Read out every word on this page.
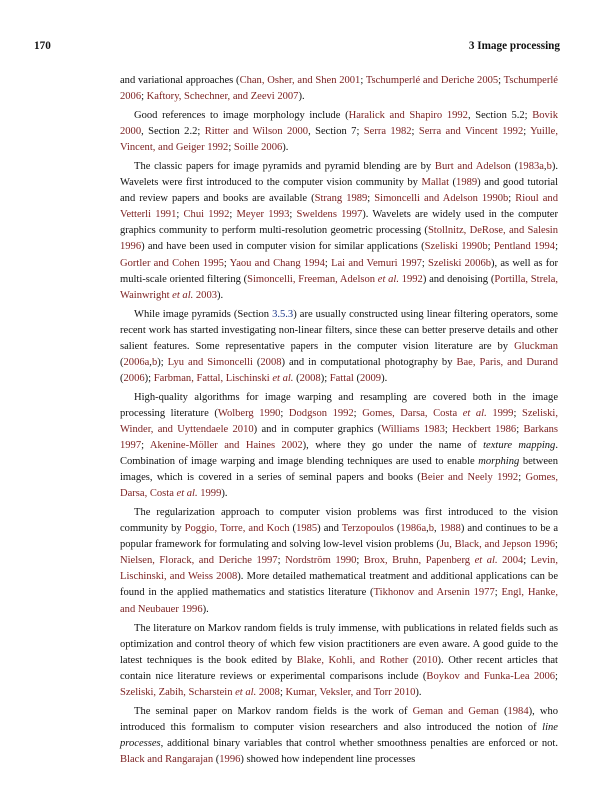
170	3 Image processing

and variational approaches (Chan, Osher, and Shen 2001; Tschumperlé and Deriche 2005; Tschumperlé 2006; Kaftory, Schechner, and Zeevi 2007).

Good references to image morphology include (Haralick and Shapiro 1992, Section 5.2; Bovik 2000, Section 2.2; Ritter and Wilson 2000, Section 7; Serra 1982; Serra and Vincent 1992; Yuille, Vincent, and Geiger 1992; Soille 2006).

The classic papers for image pyramids and pyramid blending are by Burt and Adelson (1983a,b). Wavelets were first introduced to the computer vision community by Mallat (1989) and good tutorial and review papers and books are available (Strang 1989; Simoncelli and Adelson 1990b; Rioul and Vetterli 1991; Chui 1992; Meyer 1993; Sweldens 1997). Wavelets are widely used in the computer graphics community to perform multi-resolution geometric processing (Stollnitz, DeRose, and Salesin 1996) and have been used in computer vision for similar applications (Szeliski 1990b; Pentland 1994; Gortler and Cohen 1995; Yaou and Chang 1994; Lai and Vemuri 1997; Szeliski 2006b), as well as for multi-scale oriented filtering (Simoncelli, Freeman, Adelson et al. 1992) and denoising (Portilla, Strela, Wainwright et al. 2003).

While image pyramids (Section 3.5.3) are usually constructed using linear filtering operators, some recent work has started investigating non-linear filters, since these can better preserve details and other salient features. Some representative papers in the computer vision literature are by Gluckman (2006a,b); Lyu and Simoncelli (2008) and in computational photography by Bae, Paris, and Durand (2006); Farbman, Fattal, Lischinski et al. (2008); Fattal (2009).

High-quality algorithms for image warping and resampling are covered both in the image processing literature (Wolberg 1990; Dodgson 1992; Gomes, Darsa, Costa et al. 1999; Szeliski, Winder, and Uyttendaele 2010) and in computer graphics (Williams 1983; Heckbert 1986; Barkans 1997; Akenine-Möller and Haines 2002), where they go under the name of texture mapping. Combination of image warping and image blending techniques are used to enable morphing between images, which is covered in a series of seminal papers and books (Beier and Neely 1992; Gomes, Darsa, Costa et al. 1999).

The regularization approach to computer vision problems was first introduced to the vision community by Poggio, Torre, and Koch (1985) and Terzopoulos (1986a,b, 1988) and continues to be a popular framework for formulating and solving low-level vision problems (Ju, Black, and Jepson 1996; Nielsen, Florack, and Deriche 1997; Nordström 1990; Brox, Bruhn, Papenberg et al. 2004; Levin, Lischinski, and Weiss 2008). More detailed mathematical treatment and additional applications can be found in the applied mathematics and statistics literature (Tikhonov and Arsenin 1977; Engl, Hanke, and Neubauer 1996).

The literature on Markov random fields is truly immense, with publications in related fields such as optimization and control theory of which few vision practitioners are even aware. A good guide to the latest techniques is the book edited by Blake, Kohli, and Rother (2010). Other recent articles that contain nice literature reviews or experimental comparisons include (Boykov and Funka-Lea 2006; Szeliski, Zabih, Scharstein et al. 2008; Kumar, Veksler, and Torr 2010).

The seminal paper on Markov random fields is the work of Geman and Geman (1984), who introduced this formalism to computer vision researchers and also introduced the notion of line processes, additional binary variables that control whether smoothness penalties are enforced or not. Black and Rangarajan (1996) showed how independent line processes
